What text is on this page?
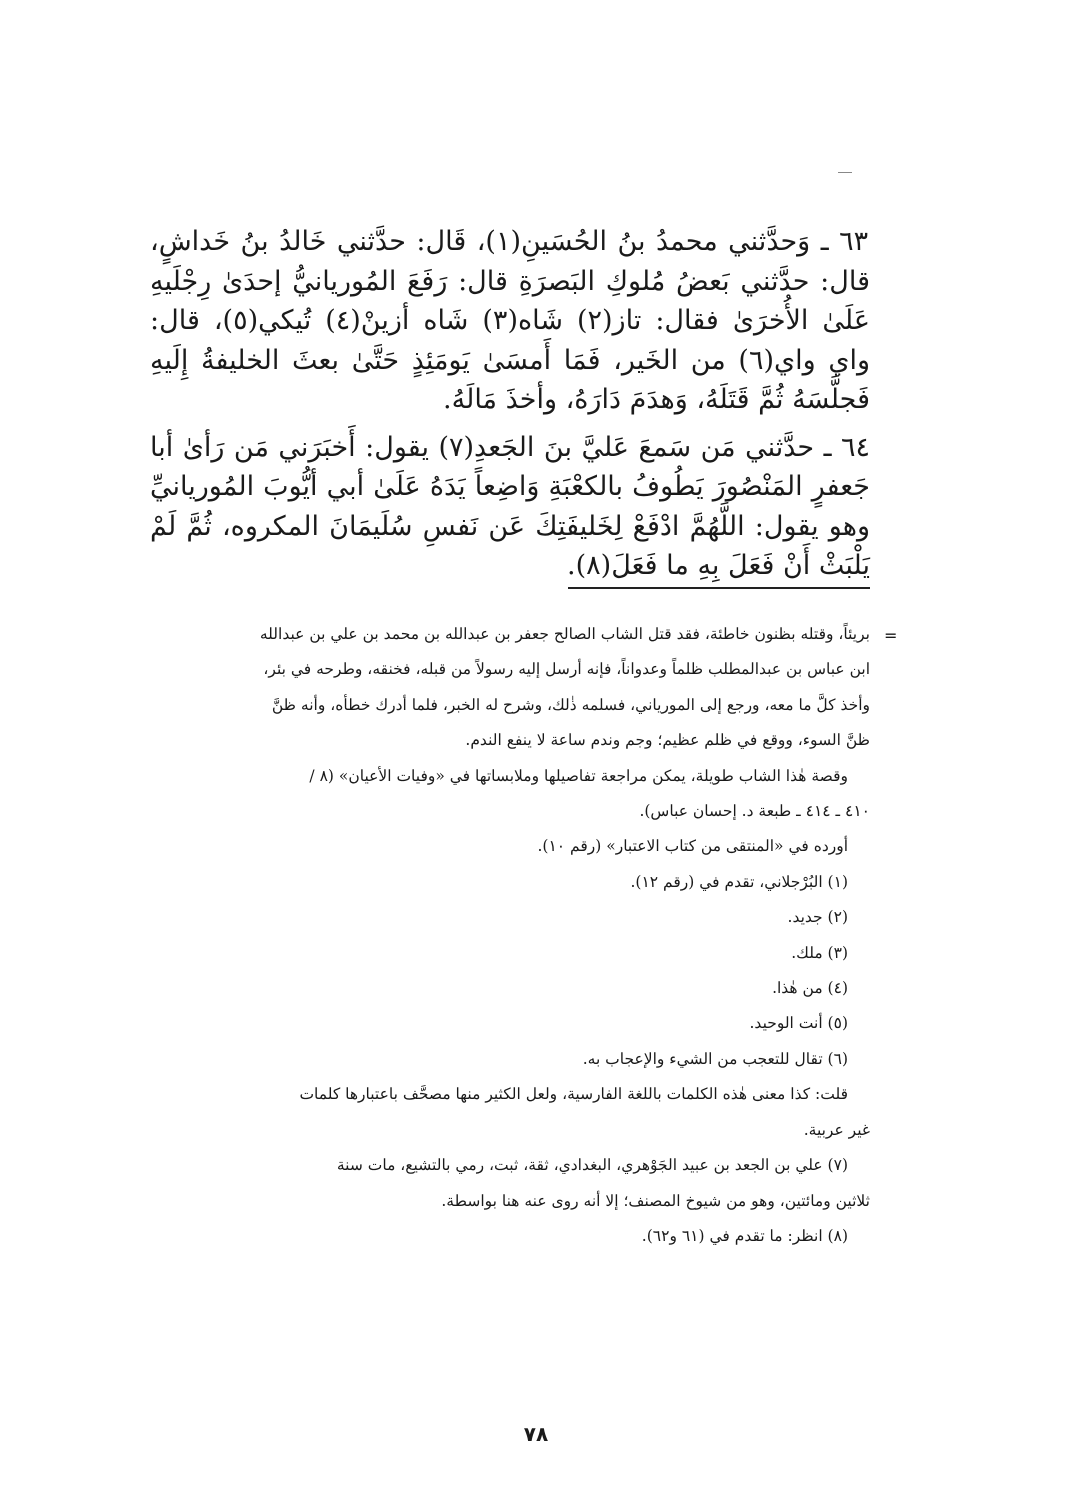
٦٣ ـ وَحدَّثني محمدُ بنُ الحُسَينِ(١)، قَال: حدَّثني خَالدُ بنُ خَداشٍ، قال: حدَّثني بَعضُ مُلوكِ البَصرَةِ قال: رَفَعَ المُوريانيُّ إحدَىٰ رِجْلَيهِ عَلَىٰ الأُخرَىٰ فقال: تاز(٢) شَاه(٣) شَاه أزينْ(٤) تُيكي(٥)، قال: واي واي(٦) من الخَير، فَمَا أَمسَىٰ يَومَئِذٍ حَتَّىٰ بعثَ الخليفةُ إِلَيهِ فَجلَّسَهُ ثُمَّ قَتَلَهُ، وَهدَمَ دَارَهُ، وأخذَ مَالَهُ.

٦٤ ـ حدَّثني مَن سَمعَ عَليَّ بنَ الجَعدِ(٧) يقول: أَخبَرَني مَن رَأىٰ أبا جَعفرٍ المَنْصُورَ يَطُوفُ بالكعْبَةِ وَاضِعاً يَدَهُ عَلَىٰ أبي أيُّوبَ المُوريانيِّ وهو يقول: اللَّهُمَّ ادْفَعْ لِخَليفَتِكَ عَن نَفسِ سُلَيمَانَ المكروه، ثُمَّ لَمْ يَلْبَثْ أَنْ فَعَلَ بِهِ ما فَعَلَ(٨).

=
بريئاً، وقتله بظنون خاطئة، فقد قتل الشاب الصالح جعفر بن عبدالله بن محمد بن علي بن عبدالله
ابن عباس بن عبدالمطلب ظلماً وعدواناً، فإنه أرسل إليه رسولاً من قبله، فخنقه، وطرحه في بئر،
وأخذ كلَّ ما معه، ورجع إلى المورياني، فسلمه ذٰلك، وشرح له الخبر، فلما أدرك خطأه، وأنه ظنَّ
ظنَّ السوء، ووقع في ظلم عظيم؛ وجم وندم ساعة لا ينفع الندم.
وقصة هٰذا الشاب طويلة، يمكن مراجعة تفاصيلها وملابساتها في «وفيات الأعيان» (٨ /
٤١٠ ـ ٤١٤ ـ طبعة د. إحسان عباس).
أورده في «المنتقى من كتاب الاعتبار» (رقم ١٠).
(١) البُرْجلاني، تقدم في (رقم ١٢).
(٢) جديد.
(٣) ملك.
(٤) من هٰذا.
(٥) أنت الوحيد.
(٦) تقال للتعجب من الشيء والإعجاب به.
قلت: كذا معنى هٰذه الكلمات باللغة الفارسية، ولعل الكثير منها مصحَّف باعتبارها كلمات
غير عربية.
(٧) علي بن الجعد بن عبيد الجَوْهري، البغدادي، ثقة، ثبت، رمي بالتشيع، مات سنة
ثلاثين ومائتين، وهو من شيوخ المصنف؛ إلا أنه روى عنه هنا بواسطة.
(٨) انظر: ما تقدم في (٦١ و٦٢).
٧٨
